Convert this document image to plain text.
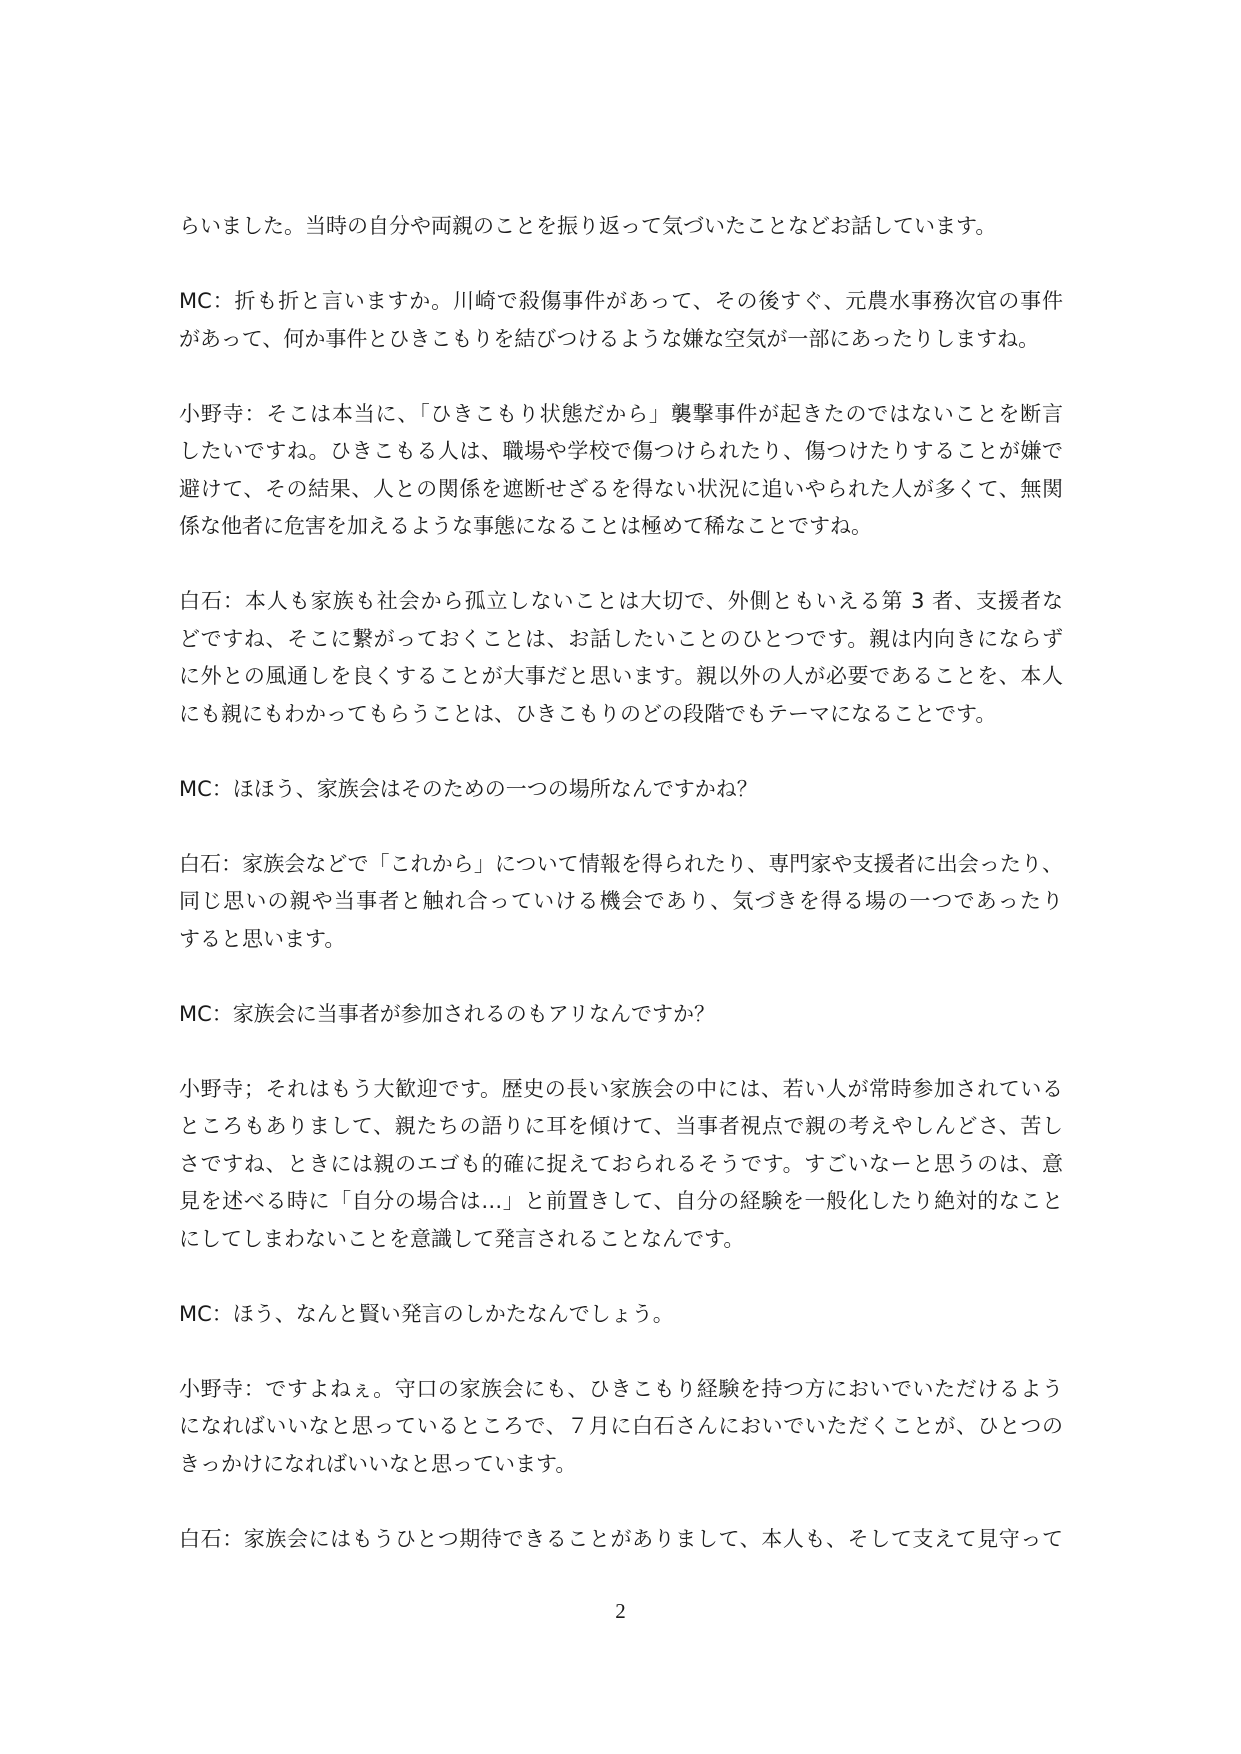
らいました。当時の自分や両親のことを振り返って気づいたことなどお話しています。
MC：折も折と言いますか。川崎で殺傷事件があって、その後すぐ、元農水事務次官の事件
があって、何か事件とひきこもりを結びつけるような嫌な空気が一部にあったりしますね。
小野寺：そこは本当に、「ひきこもり状態だから」襲撃事件が起きたのではないことを断言
したいですね。ひきこもる人は、職場や学校で傷つけられたり、傷つけたりすることが嫌で
避けて、その結果、人との関係を遮断せざるを得ない状況に追いやられた人が多くて、無関
係な他者に危害を加えるような事態になることは極めて稀なことですね。
白石：本人も家族も社会から孤立しないことは大切で、外側ともいえる第 3 者、支援者な
どですね、そこに繋がっておくことは、お話したいことのひとつです。親は内向きにならず
に外との風通しを良くすることが大事だと思います。親以外の人が必要であることを、本人
にも親にもわかってもらうことは、ひきこもりのどの段階でもテーマになることです。
MC：ほほう、家族会はそのための一つの場所なんですかね？
白石：家族会などで「これから」について情報を得られたり、専門家や支援者に出会ったり、
同じ思いの親や当事者と触れ合っていける機会であり、気づきを得る場の一つであったり
すると思います。
MC：家族会に当事者が参加されるのもアリなんですか？
小野寺；それはもう大歓迎です。歴史の長い家族会の中には、若い人が常時参加されている
ところもありまして、親たちの語りに耳を傾けて、当事者視点で親の考えやしんどさ、苦し
さですね、ときには親のエゴも的確に捉えておられるそうです。すごいなーと思うのは、意
見を述べる時に「自分の場合は…」と前置きして、自分の経験を一般化したり絶対的なこと
にしてしまわないことを意識して発言されることなんです。
MC：ほう、なんと賢い発言のしかたなんでしょう。
小野寺：ですよねぇ。守口の家族会にも、ひきこもり経験を持つ方においでいただけるよう
になればいいなと思っているところで、７月に白石さんにおいでいただくことが、ひとつの
きっかけになればいいなと思っています。
白石：家族会にはもうひとつ期待できることがありまして、本人も、そして支えて見守って
2
